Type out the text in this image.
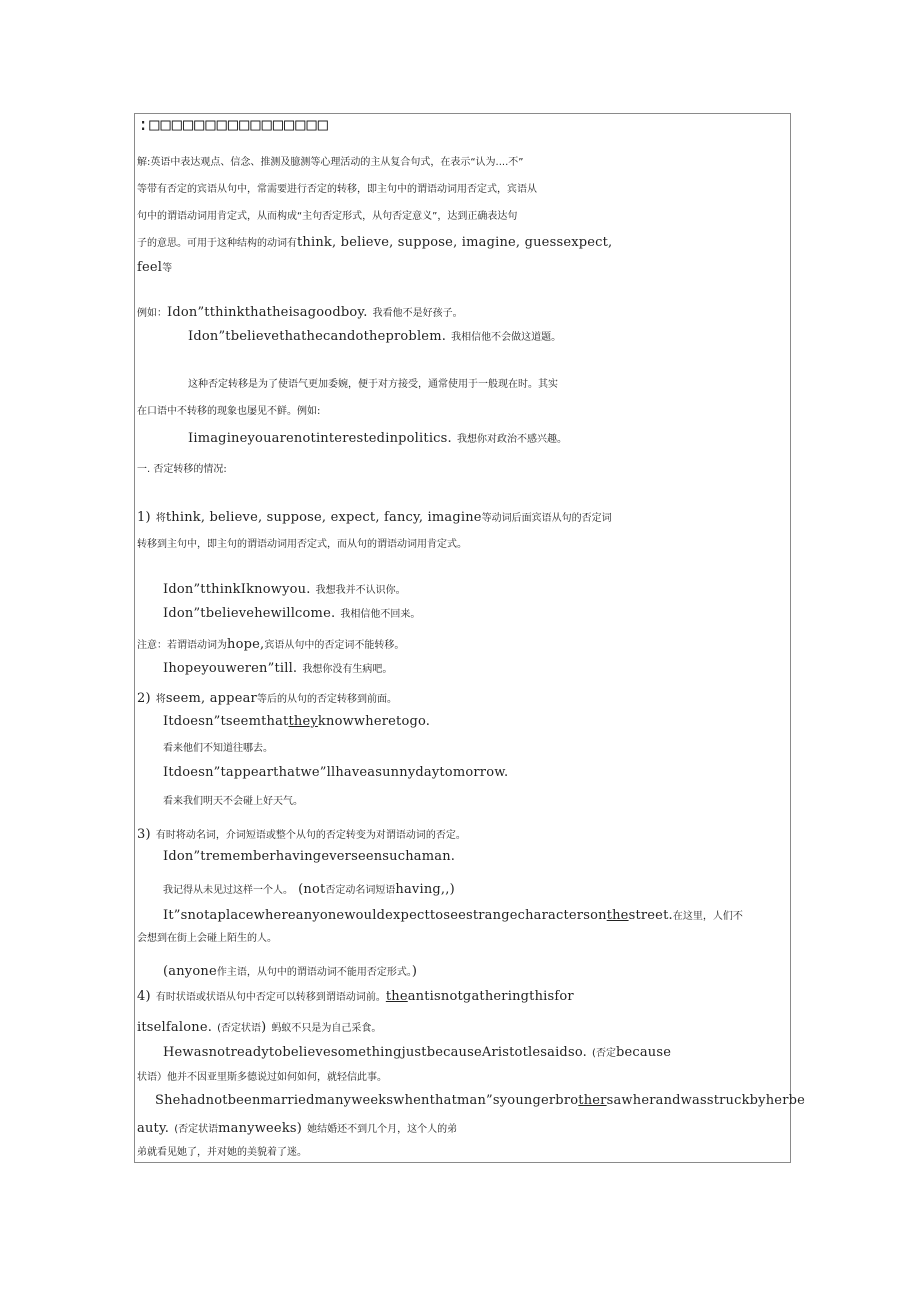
:□□□□□□□□□□□□□□□□
解:英语中表达观点、信念、推测及臆测等心理活动的主从复合句式，在表示“认为....不”
等带有否定的宾语从句中，常需要进行否定的转移，即主句中的谓语动词用否定式，宾语从
句中的谓语动词用肯定式，从而构成“主句否定形式，从句否定意义”，达到正确表达句
子的意思。可用于这种结构的动词有think, believe, suppose, imagine, guessexpect,
feel等
例如：Idon”tthinkthatheisagoodboy. 我看他不是好孩子。
Idon”tbelievethathecandotheproblem. 我相信他不会做这道题。
这种否定转移是为了使语气更加委婉，便于对方接受，通常使用于一般现在时。其实
在口语中不转移的现象也屡见不鲜。例如:
Iimagineyouarenotinterestedinpolitics. 我想你对政治不感兴趣。
一. 否定转移的情况:
1) 将think, believe, suppose, expect, fancy, imagine等动词后面宾语从句的否定词
转移到主句中，即主句的谓语动词用否定式，而从句的谓语动词用肯定式。
Idon”tthinkIknowyou. 我想我并不认识你。
Idon”tbelievehewillcome. 我相信他不回来。
注意：若谓语动词为hope,宾语从句中的否定词不能转移。
Ihopeyouweren”till. 我想你没有生病吧。
2) 将seem, appear等后的从句的否定转移到前面。
Itdoesn”tseemthattheyknowwheretogo.
看来他们不知道往哪去。
Itdoesn”tappearthatwe”llhaveasunnydaytomorrow.
看来我们明天不会碰上好天气。
3) 有时将动名词，介词短语或整个从句的否定转变为对谓语动词的否定。
Idon”trememberhavingeverseensuchaman.
我记得从未见过这样一个人。 (not否定动名词短语having,,)
It”snotaplacewhereanyonewouldexpecttoseestrangecharactersonthestreet.在这里，人们不
会想到在街上会碰上陌生的人。
(anyone作主语，从句中的谓语动词不能用否定形式。)
4) 有时状语或状语从句中否定可以转移到谓语动词前。theantisnotgatheringthisfor
itselfalone. (否定状语) 蚂蚁不只是为自己采食。
HewasnotreadytobelievesomethingjustbecauseAristotlesaidso. (否定because
状语）他并不因亚里斯多德说过如何如何，就轻信此事。
Shehadnotbeenmarriedmanyweekswhenthatman”syoungerbrothersawherandwasstruckbyherbe
auty. (否定状语manyweeks) 她结婚还不到几个月，这个人的弟
弟就看见她了，并对她的美貌着了迷。
